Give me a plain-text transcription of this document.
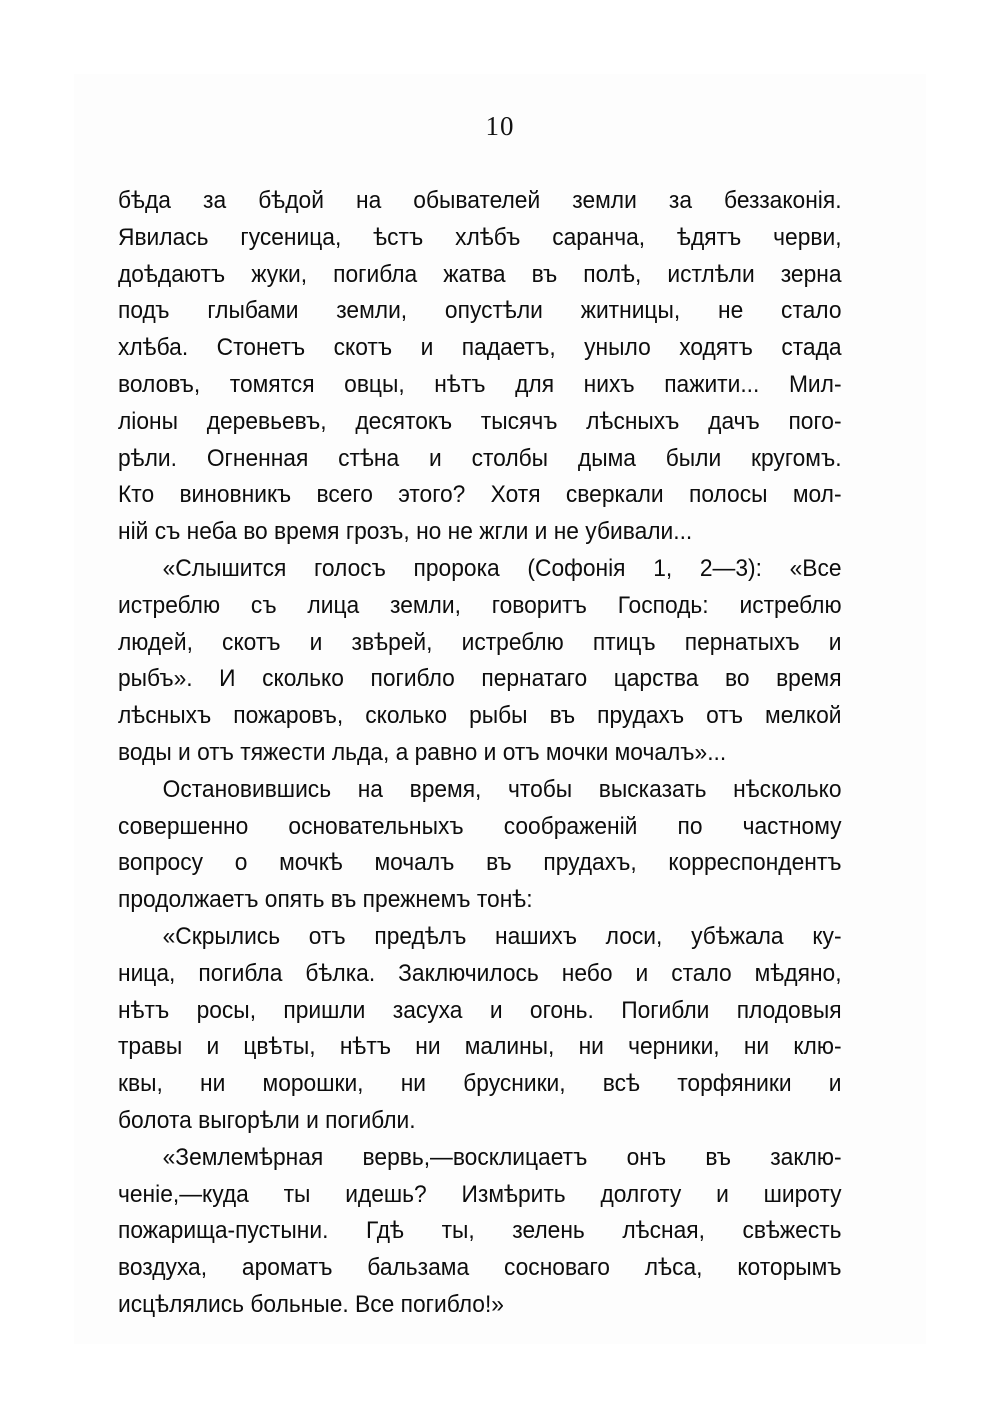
10
бѣда за бѣдой на обывателей земли за беззаконія.
Явилась гусеница, ѣстъ хлѣбъ саранча, ѣдятъ черви,
доѣдаютъ жуки, погибла жатва въ полѣ, истлѣли зерна
подъ глыбами земли, опустѣли житницы, не стало
хлѣба. Стонетъ скотъ и падаетъ, уныло ходятъ стада
воловъ, томятся овцы, нѣтъ для нихъ пажити... Мил-
ліоны деревьевъ, десятокъ тысячъ лѣсныхъ дачъ пого-
рѣли. Огненная стѣна и столбы дыма были кругомъ.
Кто виновникъ всего этого? Хотя сверкали полосы мол-
ній съ неба во время грозъ, но не жгли и не убивали...
«Слышится голосъ пророка (Софонія 1, 2—3): «Все
истреблю съ лица земли, говоритъ Господь: истреблю
людей, скотъ и звѣрей, истреблю птицъ пернатыхъ и
рыбъ». И сколько погибло пернатаго царства во время
лѣсныхъ пожаровъ, сколько рыбы въ прудахъ отъ мелкой
воды и отъ тяжести льда, а равно и отъ мочки мочалъ»...
Остановившись на время, чтобы высказать нѣсколько
совершенно основательныхъ соображеній по частному
вопросу о мочкѣ мочалъ въ прудахъ, корреспондентъ
продолжаетъ опять въ прежнемъ тонѣ:
«Скрылись отъ предѣлъ нашихъ лоси, убѣжала ку-
ница, погибла бѣлка. Заключилось небо и стало мѣдяно,
нѣтъ росы, пришли засуха и огонь. Погибли плодовыя
травы и цвѣты, нѣтъ ни малины, ни черники, ни клю-
квы, ни морошки, ни брусники, всѣ торфяники и
болота выгорѣли и погибли.
«Землемѣрная вервь,—восклицаетъ онъ въ заклю-
ченіе,—куда ты идешь? Измѣрить долготу и широту
пожарища-пустыни. Гдѣ ты, зелень лѣсная, свѣжесть
воздуха, ароматъ бальзама сосноваго лѣса, которымъ
исцѣлялись больные. Все погибло!»
